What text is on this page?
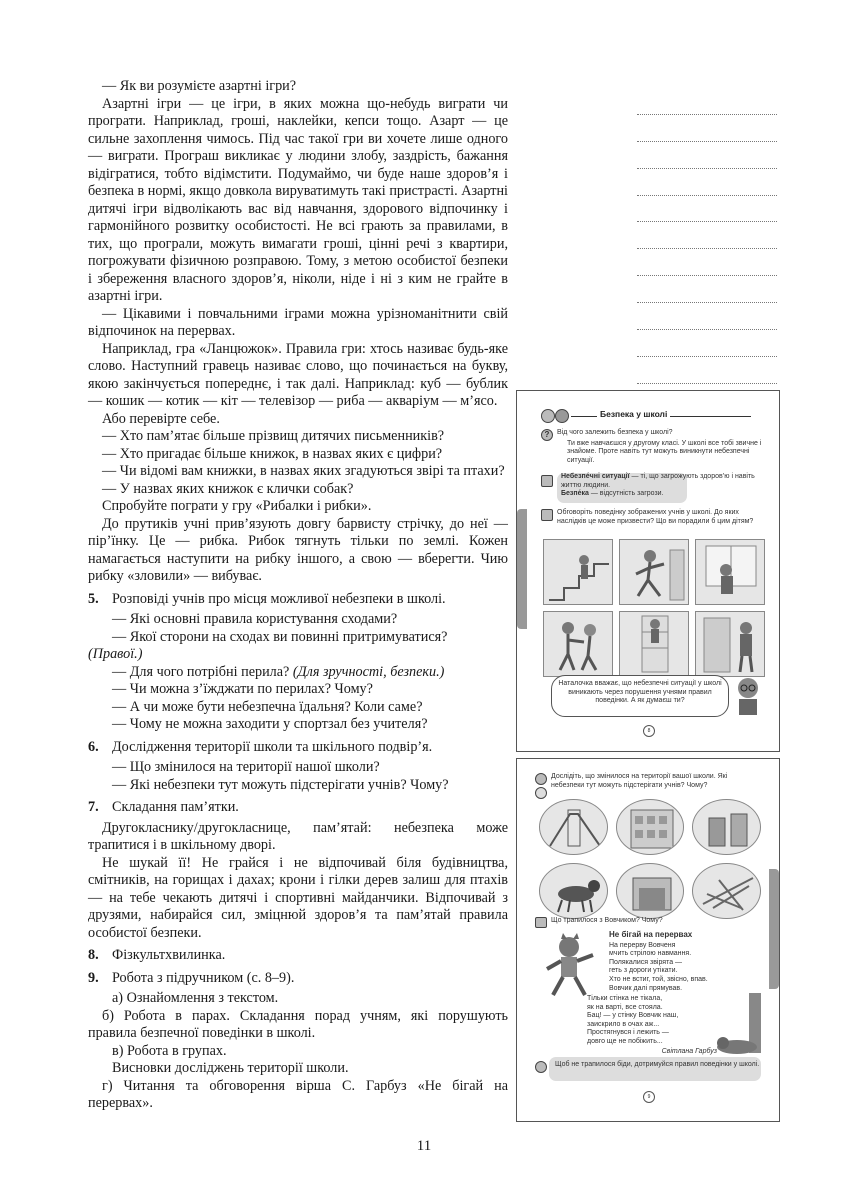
— Як ви розумієте азартні ігри?

Азартні ігри — це ігри, в яких можна що-небудь виграти чи програти. Наприклад, гроші, наклейки, кепси тощо. Азарт — це сильне захоплення чимось. Під час такої гри ви хочете лише одного — виграти. Програш викликає у людини злобу, заздрість, бажання відігратися, тобто відімстити. Подумаймо, чи буде наше здоров’я і безпека в нормі, якщо довкола вируватимуть такі пристрасті. Азартні дитячі ігри відволікають вас від навчання, здорового відпочинку і гармонійного розвитку особистості. Не всі грають за правилами, в тих, що програли, можуть вимагати гроші, цінні речі з квартири, погрожувати фізичною розправою. Тому, з метою особистої безпеки і збереження власного здоров’я, ніколи, ніде і ні з ким не грайте в азартні ігри.

— Цікавими і повчальними іграми можна урізноманітнити свій відпочинок на перервах.

Наприклад, гра «Ланцюжок». Правила гри: хтось називає будь-яке слово. Наступний гравець називає слово, що починається на букву, якою закінчується попереднє, і так далі. Наприклад: куб — бублик — кошик — котик — кіт — телевізор — риба — акваріум — м’ясо.

Або перевірте себе.

— Хто пам’ятає більше прізвищ дитячих письменників?

— Хто пригадає більше книжок, в назвах яких є цифри?

— Чи відомі вам книжки, в назвах яких згадуються звірі та птахи?

— У назвах яких книжок є клички собак?

Спробуйте пограти у гру «Рибалки і рибки».

До прутиків учні прив’язують довгу барвисту стрічку, до неї — пір’їнку. Це — рибка. Рибок тягнуть тільки по землі. Кожен намагається наступити на рибку іншого, а свою — вберегти. Чию рибку «зловили» — вибуває.

5. Розповіді учнів про місця можливої небезпеки в школі.

— Які основні правила користування сходами?

— Якої сторони на сходах ви повинні притримуватися?

(Правої.)

— Для чого потрібні перила? (Для зручності, безпеки.)

— Чи можна з’їжджати по перилах? Чому?

— А чи може бути небезпечна їдальня? Коли саме?

— Чому не можна заходити у спортзал без учителя?

6. Дослідження території школи та шкільного подвір’я.

— Що змінилося на території нашої школи?

— Які небезпеки тут можуть підстерігати учнів? Чому?

7. Складання пам’ятки.

Другокласнику/другокласнице, пам’ятай: небезпека може трапитися і в шкільному дворі.

Не шукай її! Не грайся і не відпочивай біля будівництва, смітників, на горищах і дахах; крони і гілки дерев залиш для птахів — на тебе чекають дитячі і спортивні майданчики. Відпочивай з друзями, набирайся сил, зміцнюй здоров’я та пам’ятай правила особистої безпеки.

8. Фізкультхвилинка.

9. Робота з підручником (с. 8–9).

а) Ознайомлення з текстом.

б) Робота в парах. Складання порад учням, які порушують правила безпечної поведінки в школі.

в) Робота в групах.

Висновки досліджень території школи.

г) Читання та обговорення вірша С. Гарбуз «Не бігай на перервах».

Безпека у школі
?	Від чого залежить безпека у школі?
Ти вже навчаєшся у другому класі. У школі все тобі звичне і знайоме. Проте навіть тут можуть виникнути небезпечні ситуації.
Небезпе́чні ситуації — ті, що загрожують здоров’ю і навіть життю людини.
Безпе́ка — відсутність загрози.
Обговоріть поведінку зображених учнів у школі. До яких наслідків це може призвести? Що ви порадили б цим дітям?
Наталочка вважає, що небезпечні ситуації у школі виникають через порушення учнями правил поведінки. А як думаєш ти?
8
Дослідіть, що змінилося на території вашої школи. Які небезпеки тут можуть підстерігати учнів? Чому?
Що трапилося з Вовчиком? Чому?
Не бігай на перервах
На перерву Вовченя
мчить стрілою навмання.
Полякалися звірята —
геть з дороги утікати.
Хто не встиг, той, звісно, впав.
Вовчик далі прямував.
Тільки стінка не тікала,
як на варті, все стояла.
Бац! — у стінку Вовчик наш,
заискрило в очах аж...
Простягнувся і лежить —
довго ще не побіжить...
Світлана Гарбуз
Щоб не трапилося біди, дотримуйся правил поведінки у школі.
9
11
